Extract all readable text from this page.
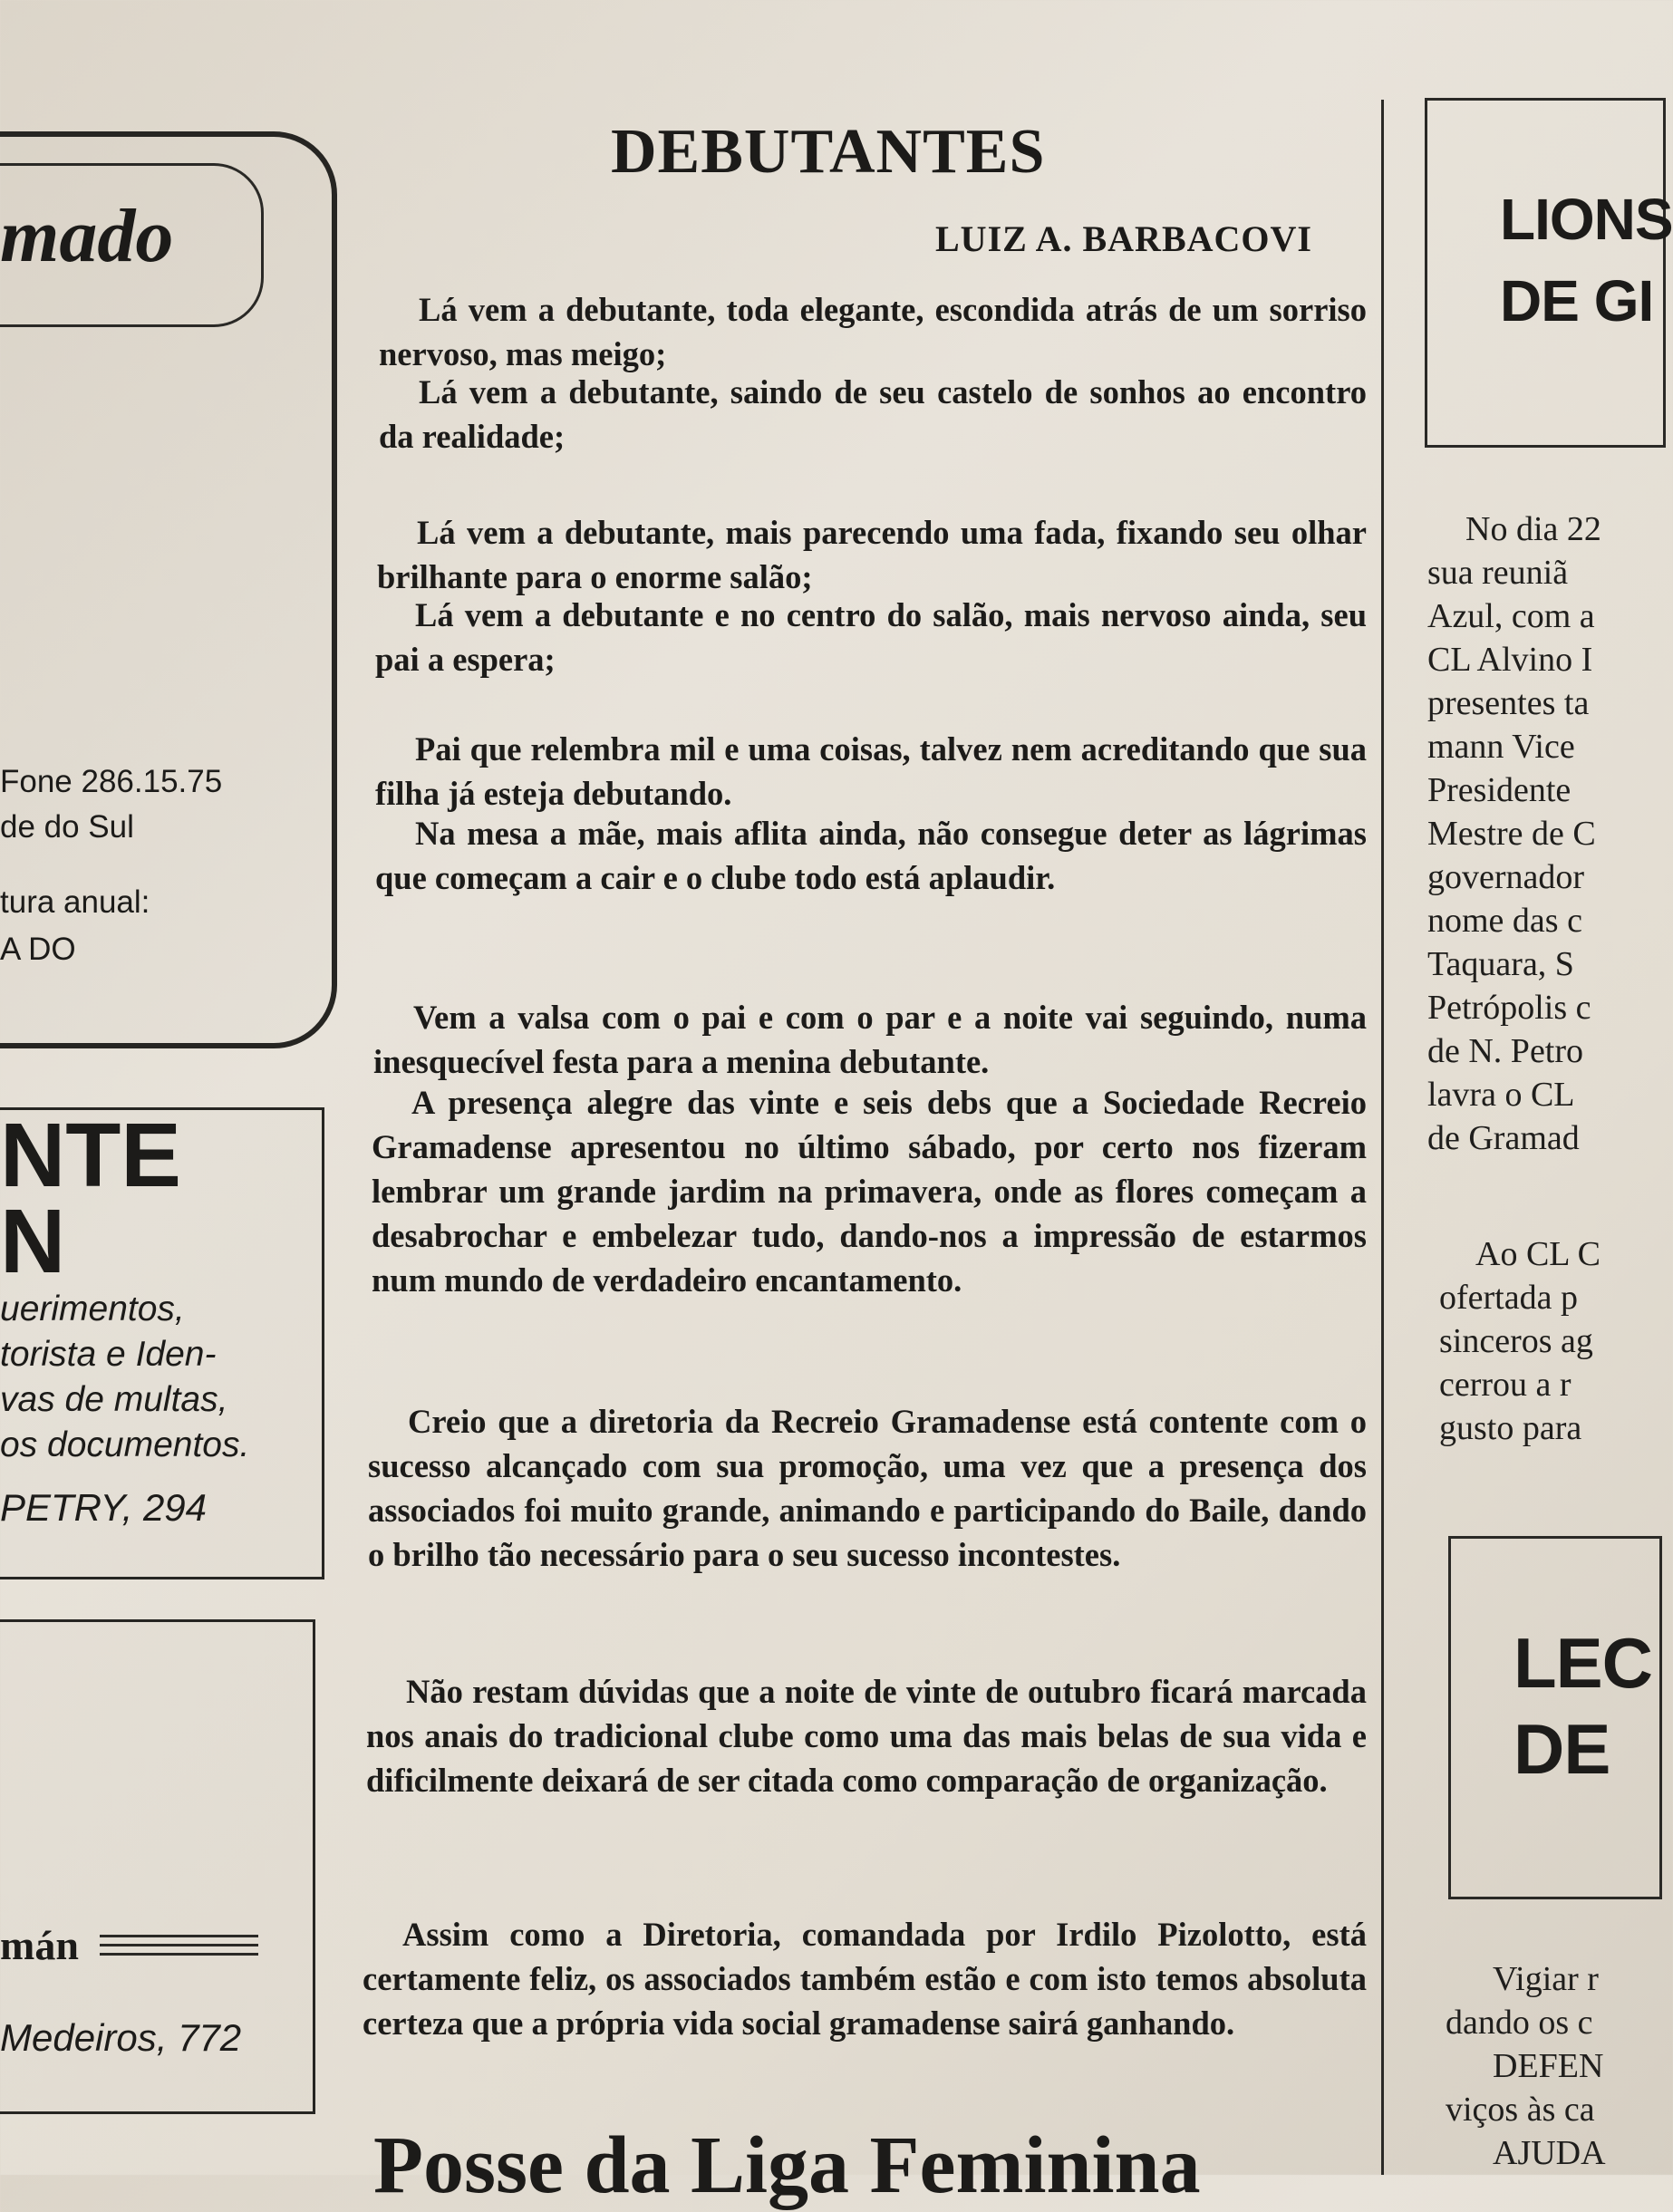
mado
Fone 286.15.75
de do Sul
tura anual:
A DO
NTE
N
uerimentos,
torista e Iden-
vas de multas,
os documentos.
PETRY, 294
mán
Medeiros, 772
DEBUTANTES
LUIZ A. BARBACOVI
Lá vem a debutante, toda elegante, escondida atrás de um sorriso nervoso, mas meigo;
Lá vem a debutante, saindo de seu castelo de sonhos ao encontro da realidade;
Lá vem a debutante, mais parecendo uma fada, fixando seu olhar brilhante para o enorme salão;
Lá vem a debutante e no centro do salão, mais nervoso ainda, seu pai a espera;
Pai que relembra mil e uma coisas, talvez nem acreditando que sua filha já esteja debutando.
Na mesa a mãe, mais aflita ainda, não consegue deter as lágrimas que começam a cair e o clube todo está aplaudir.
Vem a valsa com o pai e com o par e a noite vai seguindo, numa inesquecível festa para a menina debutante.
A presença alegre das vinte e seis debs que a Sociedade Recreio Gramadense apresentou no último sábado, por certo nos fizeram lembrar um grande jardim na primavera, onde as flores começam a desabrochar e embelezar tudo, dando-nos a impressão de estarmos num mundo de verdadeiro encantamento.
Creio que a diretoria da Recreio Gramadense está contente com o sucesso alcançado com sua promoção, uma vez que a presença dos associados foi muito grande, animando e participando do Baile, dando o brilho tão necessário para o seu sucesso incontestes.
Não restam dúvidas que a noite de vinte de outubro ficará marcada nos anais do tradicional clube como uma das mais belas de sua vida e dificilmente deixará de ser citada como comparação de organização.
Assim como a Diretoria, comandada por Irdilo Pizolotto, está certamente feliz, os associados também estão e com isto temos absoluta certeza que a própria vida social gramadense sairá ganhando.
Posse da Liga Feminina
LIONS
DE GI
No dia 22
sua reuniã
Azul, com a
CL Alvino I
presentes ta
mann Vice
Presidente
Mestre de C
governador
nome das c
Taquara, S
Petrópolis c
de N. Petro
lavra o CL
de Gramad
Ao CL C
ofertada p
sinceros ag
cerrou a r
gusto para
LEC
DE
Vigiar r
dando os c
DEFEN
viços às ca
AJUDA
